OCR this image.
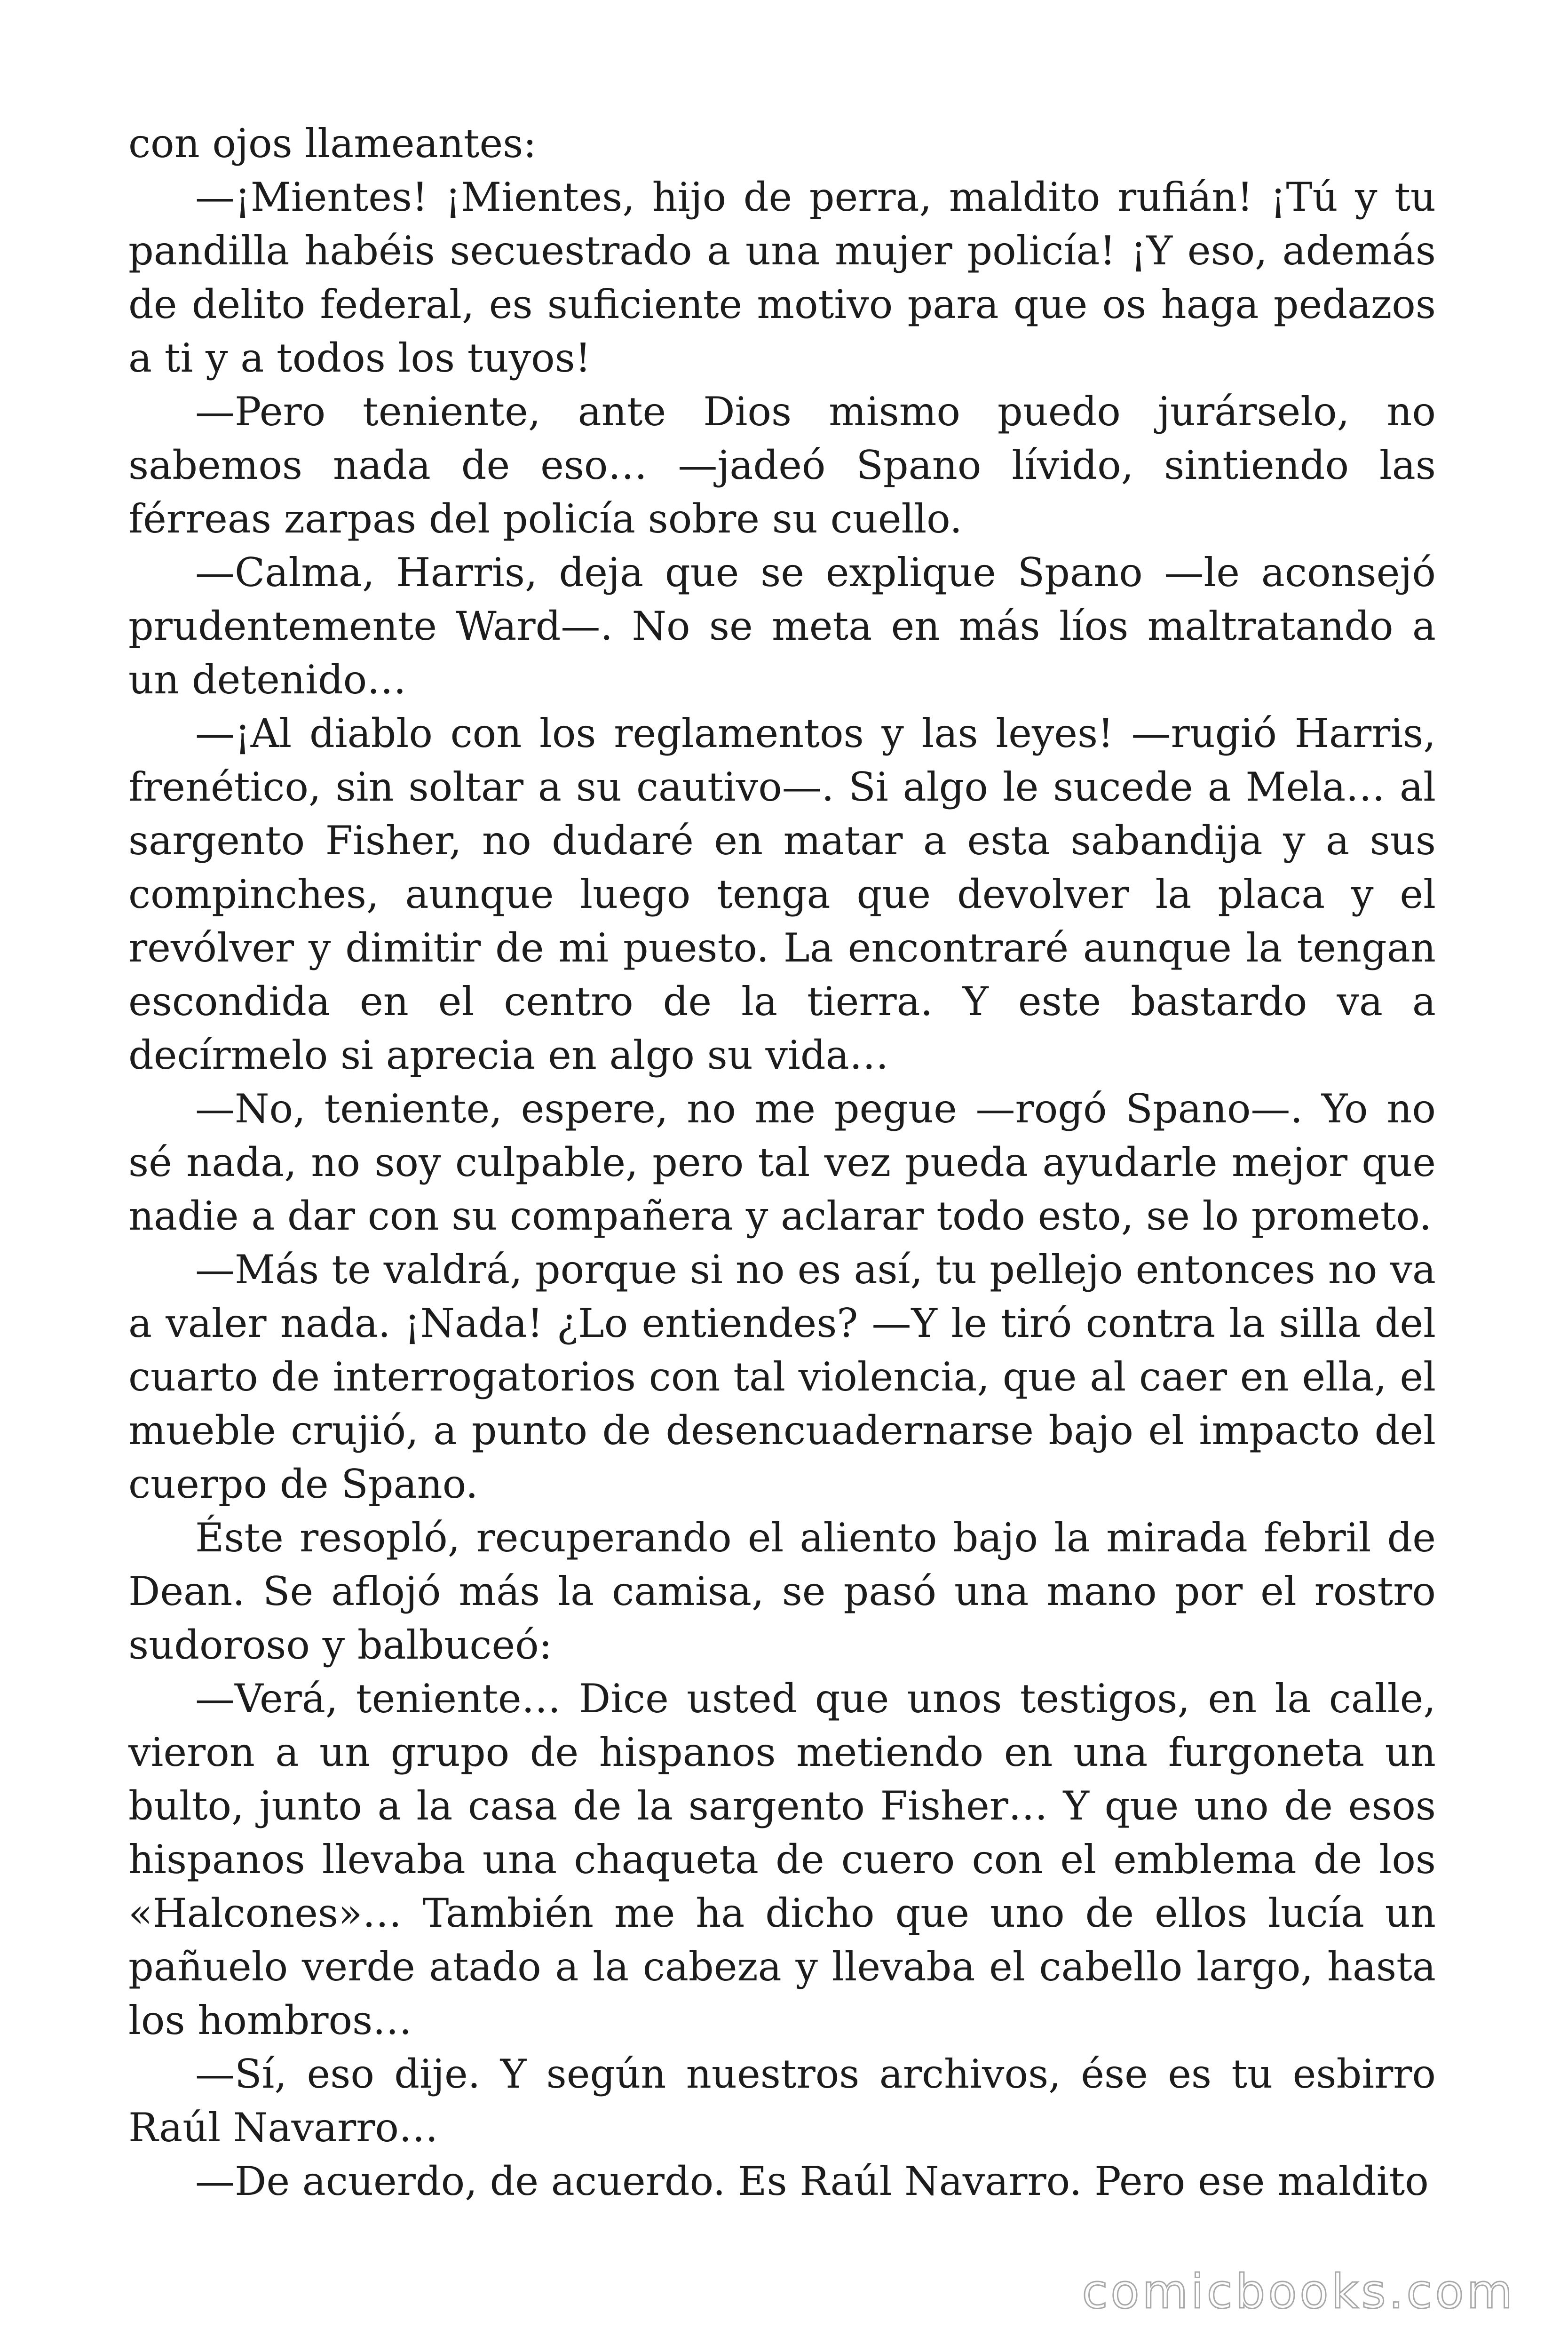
con ojos llameantes:

—¡Mientes! ¡Mientes, hijo de perra, maldito rufián! ¡Tú y tu pandilla habéis secuestrado a una mujer policía! ¡Y eso, además de delito federal, es suficiente motivo para que os haga pedazos a ti y a todos los tuyos!

—Pero teniente, ante Dios mismo puedo jurárselo, no sabemos nada de eso… —jadeó Spano lívido, sintiendo las férreas zarpas del policía sobre su cuello.

—Calma, Harris, deja que se explique Spano —le aconsejó prudentemente Ward—. No se meta en más líos maltratando a un detenido…

—¡Al diablo con los reglamentos y las leyes! —rugió Harris, frenético, sin soltar a su cautivo—. Si algo le sucede a Mela… al sargento Fisher, no dudaré en matar a esta sabandija y a sus compinches, aunque luego tenga que devolver la placa y el revólver y dimitir de mi puesto. La encontraré aunque la tengan escondida en el centro de la tierra. Y este bastardo va a decírmelo si aprecia en algo su vida…

—No, teniente, espere, no me pegue —rogó Spano—. Yo no sé nada, no soy culpable, pero tal vez pueda ayudarle mejor que nadie a dar con su compañera y aclarar todo esto, se lo prometo.

—Más te valdrá, porque si no es así, tu pellejo entonces no va a valer nada. ¡Nada! ¿Lo entiendes? —Y le tiró contra la silla del cuarto de interrogatorios con tal violencia, que al caer en ella, el mueble crujió, a punto de desencuadernarse bajo el impacto del cuerpo de Spano.

Éste resopló, recuperando el aliento bajo la mirada febril de Dean. Se aflojó más la camisa, se pasó una mano por el rostro sudoroso y balbuceó:

—Verá, teniente… Dice usted que unos testigos, en la calle, vieron a un grupo de hispanos metiendo en una furgoneta un bulto, junto a la casa de la sargento Fisher… Y que uno de esos hispanos llevaba una chaqueta de cuero con el emblema de los «Halcones»… También me ha dicho que uno de ellos lucía un pañuelo verde atado a la cabeza y llevaba el cabello largo, hasta los hombros…

—Sí, eso dije. Y según nuestros archivos, ése es tu esbirro Raúl Navarro…

—De acuerdo, de acuerdo. Es Raúl Navarro. Pero ese maldito

comicbooks.com
